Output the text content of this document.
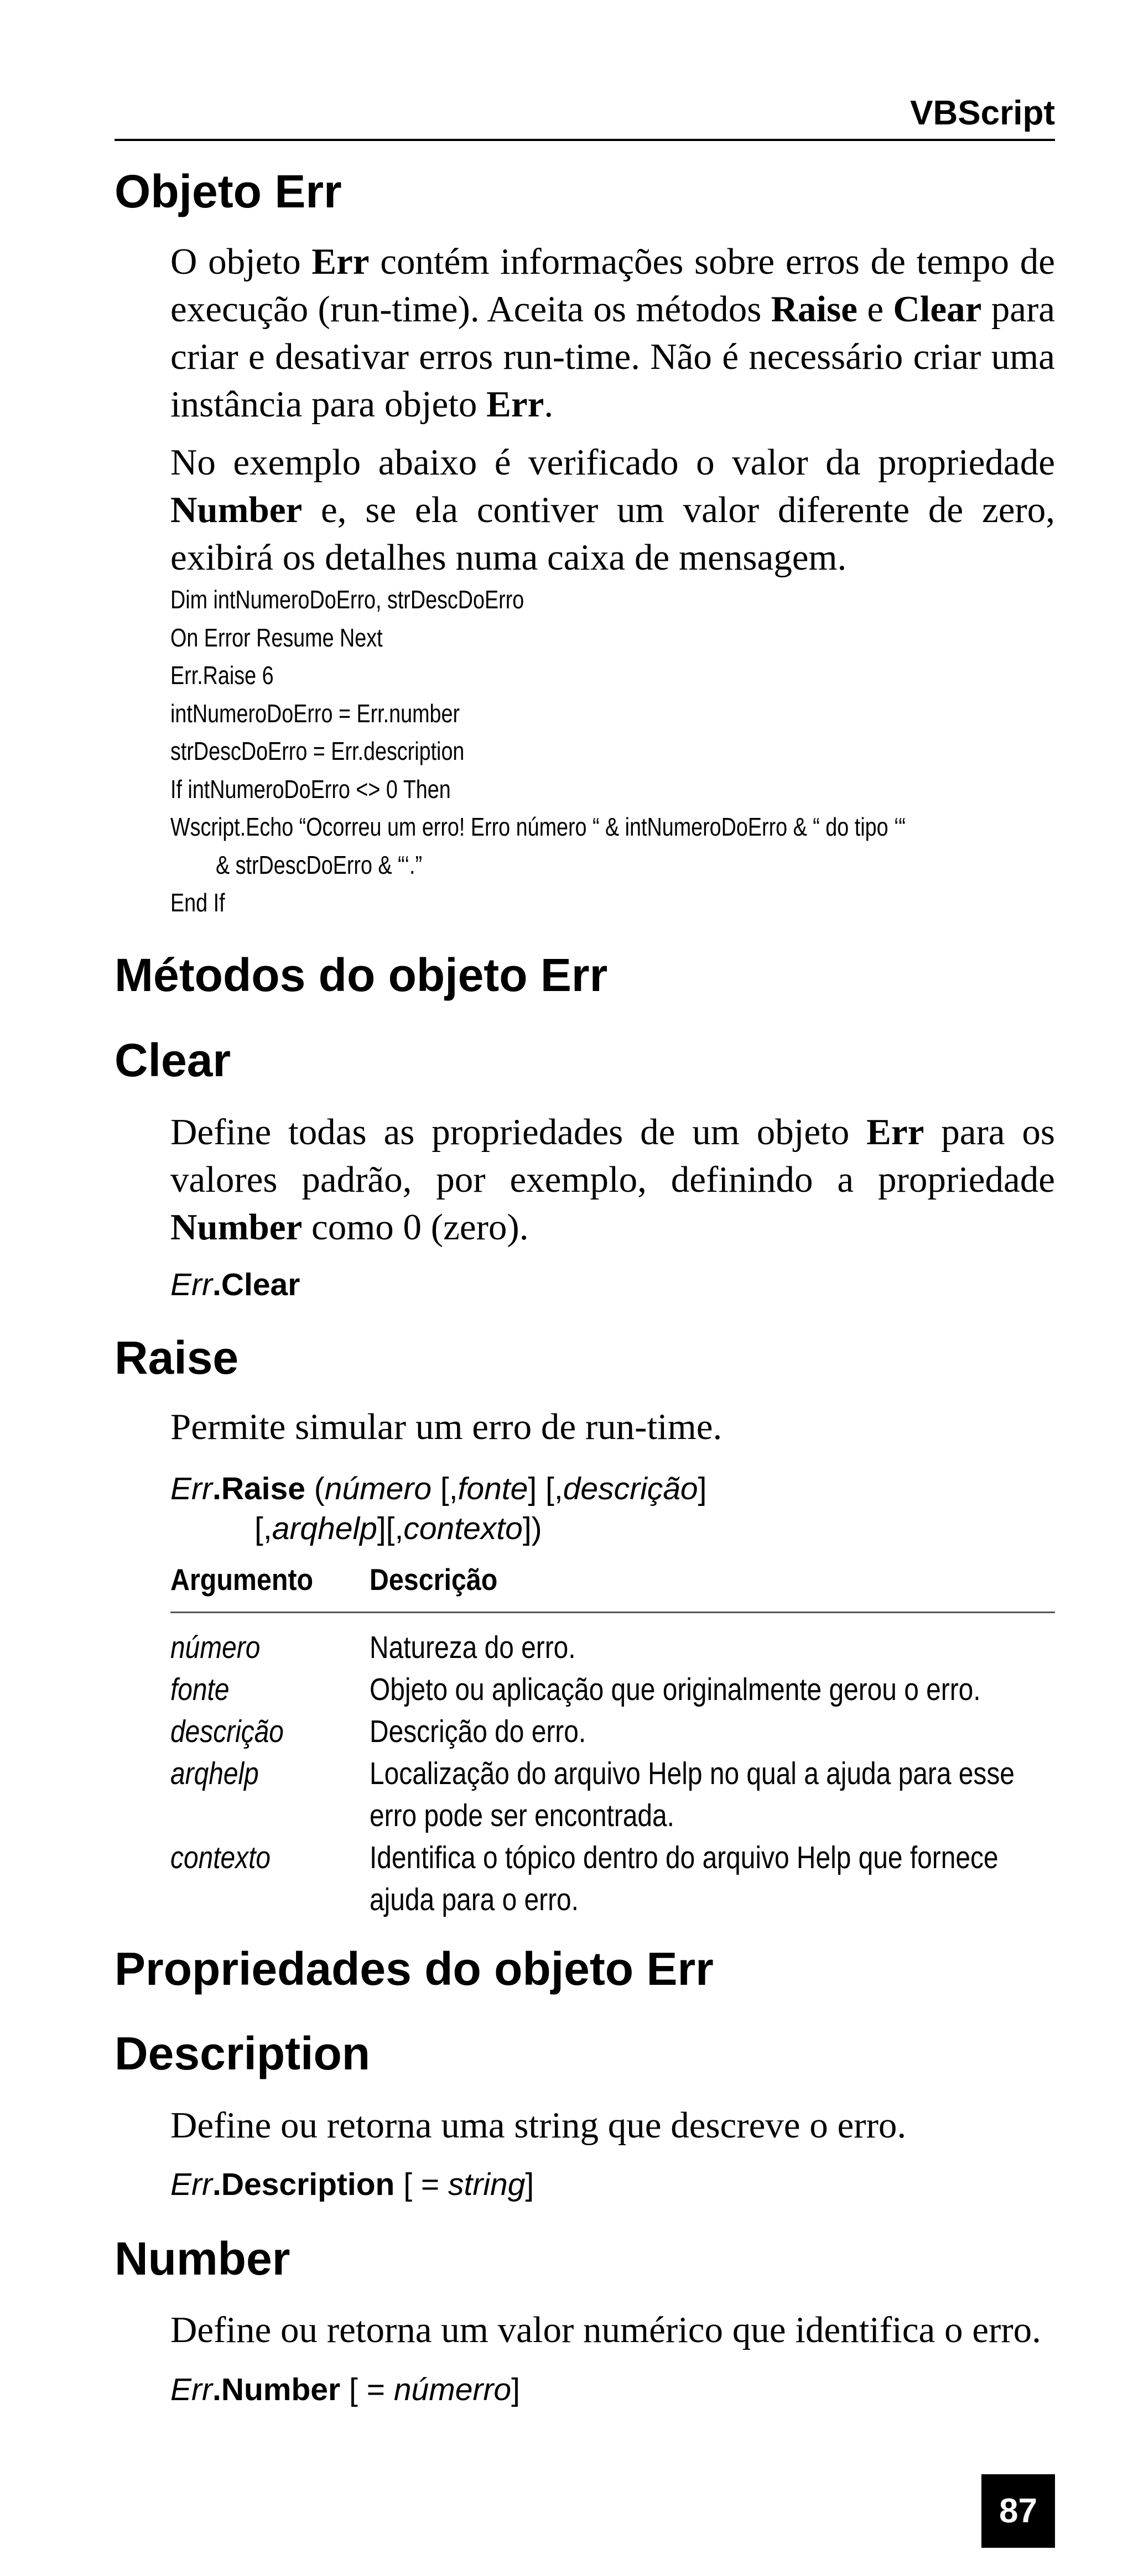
VBScript
Objeto Err

O objeto Err contém informações sobre erros de tempo de execução (run-time). Aceita os métodos Raise e Clear para criar e desativar erros run-time. Não é necessário criar uma instância para objeto Err.

No exemplo abaixo é verificado o valor da propriedade Number e, se ela contiver um valor diferente de zero, exibirá os detalhes numa caixa de mensagem.

Dim intNumeroDoErro, strDescDoErro
On Error Resume Next
Err.Raise 6
intNumeroDoErro = Err.number
strDescDoErro = Err.description
If intNumeroDoErro <> 0 Then
Wscript.Echo “Ocorreu um erro! Erro número “ & intNumeroDoErro & “ do tipo ‘“
& strDescDoErro & “‘.”
End If
Métodos do objeto Err
Clear

Define todas as propriedades de um objeto Err para os valores padrão, por exemplo, definindo a propriedade Number como 0 (zero).

Err.Clear
Raise

Permite simular um erro de run-time.

Err.Raise (número [,fonte] [,descrição]
[,arqhelp][,contexto])
Argumento Descrição
número	Natureza do erro.
fonte	Objeto ou aplicação que originalmente gerou o erro.
descrição	Descrição do erro.
arqhelp	Localização do arquivo Help no qual a ajuda para esse erro pode ser encontrada.
contexto	Identifica o tópico dentro do arquivo Help que fornece ajuda para o erro.
Propriedades do objeto Err
Description

Define ou retorna uma string que descreve o erro.

Err.Description [ = string]
Number

Define ou retorna um valor numérico que identifica o erro.

Err.Number [ = númerro]
87
